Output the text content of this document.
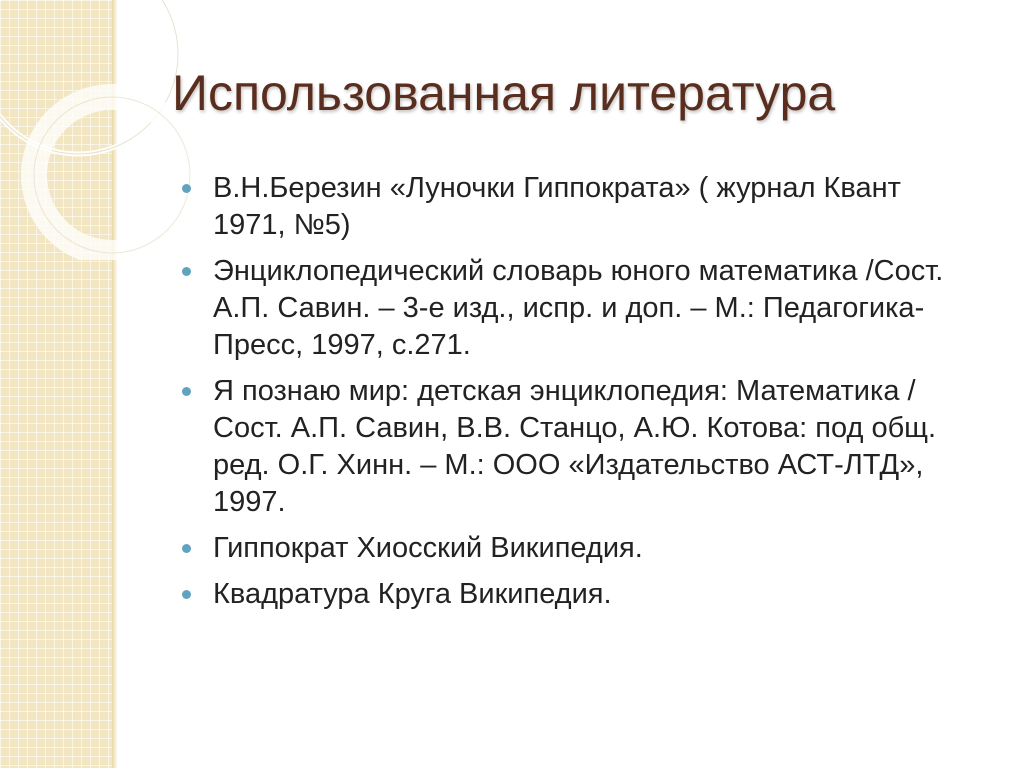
Использованная литература
В.Н.Березин «Луночки Гиппократа» ( журнал Квант 1971, №5)
Энциклопедический словарь юного математика /Сост. А.П. Савин. – 3-е изд., испр. и доп. – М.: Педагогика-Пресс, 1997, с.271.
Я познаю мир: детская энциклопедия: Математика / Сост. А.П. Савин, В.В. Станцо, А.Ю. Котова: под общ. ред. О.Г. Хинн. – М.: ООО «Издательство АСТ-ЛТД», 1997.
Гиппократ Хиосский Википедия.
Квадратура Круга Википедия.
